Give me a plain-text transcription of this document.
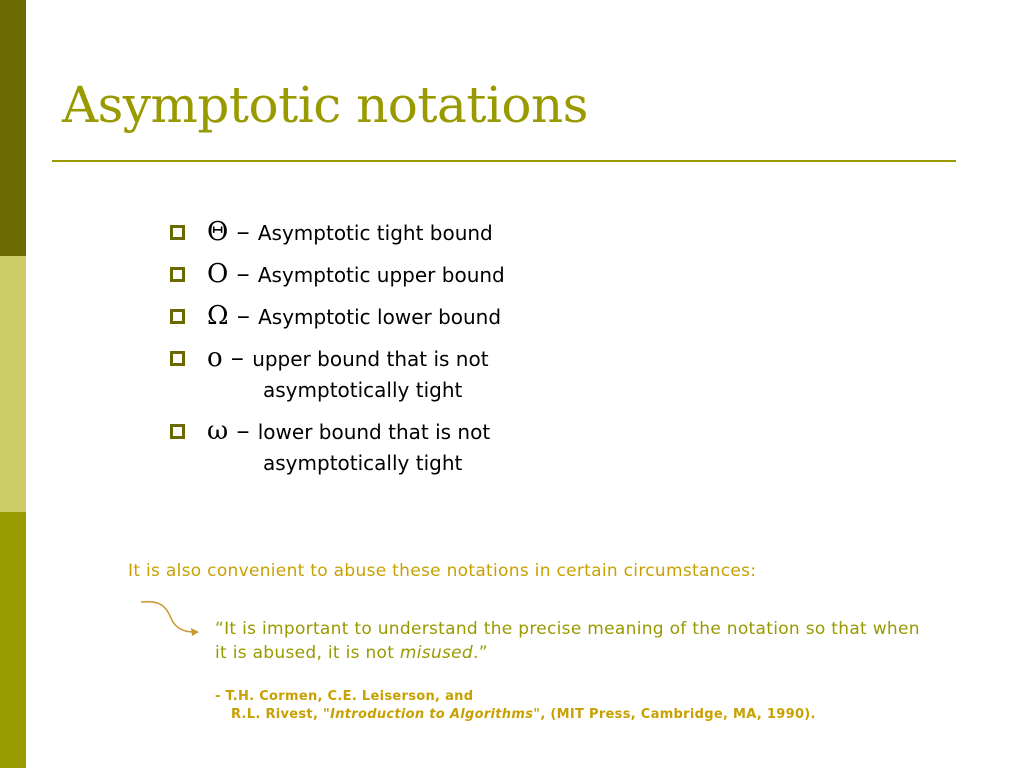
Asymptotic notations
Θ – Asymptotic tight bound
O – Asymptotic upper bound
Ω – Asymptotic lower bound
ο – upper bound that is not
asymptotically tight
ω – lower bound that is not
asymptotically tight

It is also convenient to abuse these notations in certain circumstances:

“It is important to understand the precise meaning of the notation so that when it is abused, it is not misused.”

- T.H. Cormen, C.E. Leiserson, and
R.L. Rivest, "Introduction to Algorithms", (MIT Press, Cambridge, MA, 1990).
